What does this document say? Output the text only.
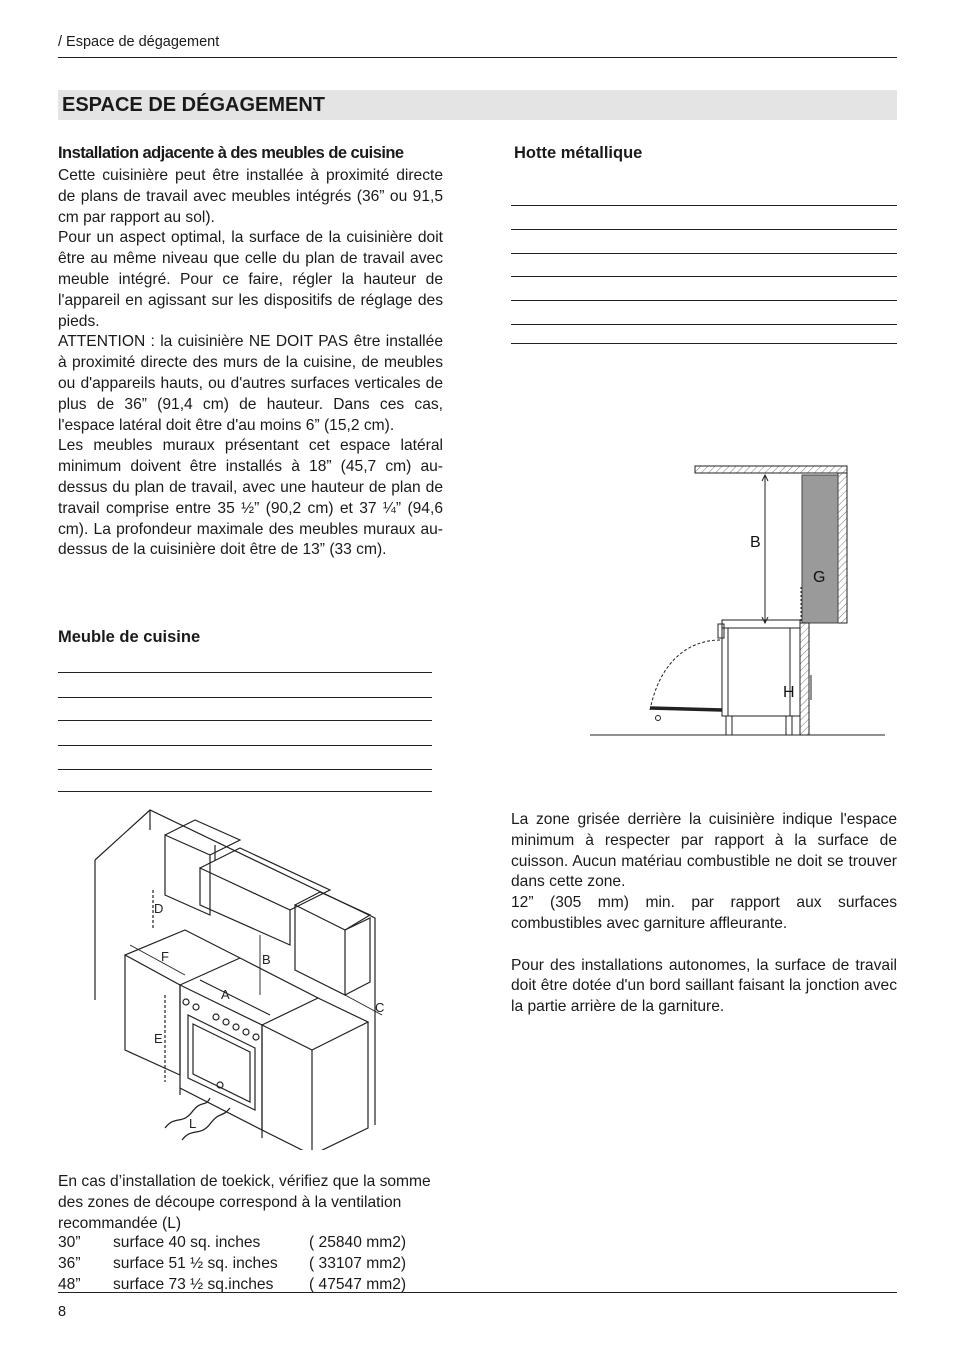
/ Espace de dégagement
ESPACE DE DÉGAGEMENT
Installation adjacente à des meubles de cuisine

Cette cuisinière peut être installée à proximité directe de plans de travail avec meubles intégrés (36” ou 91,5 cm par rapport au sol).

Pour un aspect optimal, la surface de la cuisinière doit être au même niveau que celle du plan de travail avec meuble intégré. Pour ce faire, régler la hauteur de l'appareil en agissant sur les dispositifs de réglage des pieds.

ATTENTION : la cuisinière NE DOIT PAS être installée à proximité directe des murs de la cuisine, de meubles ou d'appareils hauts, ou d'autres surfaces verticales de plus de 36” (91,4 cm) de hauteur. Dans ces cas, l'espace latéral doit être d'au moins 6” (15,2 cm).

Les meubles muraux présentant cet espace latéral minimum doivent être installés à 18” (45,7 cm) au-dessus du plan de travail, avec une hauteur de plan de travail comprise entre 35 ½” (90,2 cm) et 37 ¼” (94,6 cm). La profondeur maximale des meubles muraux au-dessus de la cuisinière doit être de 13” (33 cm).

Meuble de cuisine
D
F	B
A
C
E
L

En cas d’installation de toekick, vérifiez que la somme des zones de découpe correspond à la ventilation recommandée (L)

30” surface 40 sq. inches	( 25840 mm2)
36” surface 51 ½ sq. inches ( 33107 mm2)
48” surface 73 ½ sq.inches ( 47547 mm2)
Hotte métallique
B
G
H

La zone grisée derrière la cuisinière indique l'espace minimum à respecter par rapport à la surface de cuisson. Aucun matériau combustible ne doit se trouver dans cette zone.

12” (305 mm) min. par rapport aux surfaces combustibles avec garniture affleurante.

Pour des installations autonomes, la surface de travail doit être dotée d'un bord saillant faisant la jonction avec la partie arrière de la garniture.

8
